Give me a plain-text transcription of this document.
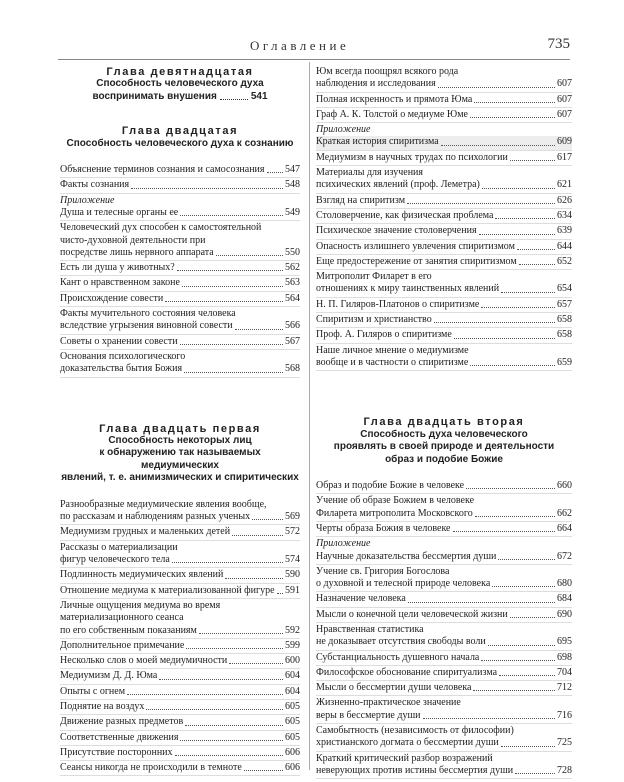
Оглавление	735
Глава девятнадцатая
Способность человеческого духа
воспринимать внушения	541
Глава двадцатая
Способность человеческого духа к сознанию
Объяснение терминов сознания и самосознания 547
Факты сознания	548
Приложение
Душа и телесные органы ее	549
Человеческий дух способен к самостоятельной
чисто-духовной деятельности при
посредстве лишь нервного аппарата	550
Есть ли душа у животных?	562
Кант о нравственном законе	563
Происхождение совести	564
Факты мучительного состояния человека
вследствие угрызения виновной совести	566
Советы о хранении совести	567
Основания психологического
доказательства бытия Божия	568
Глава двадцать первая
Способность некоторых лиц
к обнаружению так называемых медиумических
явлений, т. е. анимизмических и спиритических
Разнообразные медиумические явления вообще,
по рассказам и наблюдениям разных ученых	569
Медиумизм грудных и маленьких детей	572
Рассказы о материализации
фигур человеческого тела	574
Подлинность медиумических явлений	590
Отношение медиума к материализованной фигуре 591
Личные ощущения медиума во время
материализационного сеанса
по его собственным показаниям	592
Дополнительное примечание	599
Несколько слов о моей медиумичности	600
Медиумизм Д. Д. Юма	604
Опыты с огнем	604
Поднятие на воздух	605
Движение разных предметов	605
Соответственные движения	605
Присутствие посторонних	606
Сеансы никогда не происходили в темноте	606
Юм всегда поощрял всякого рода
наблюдения и исследования	607
Полная искренность и прямота Юма	607
Граф А. К. Толстой о медиуме Юме	607
Приложение
Краткая история спиритизма	609
Медиумизм в научных трудах по психологии	617
Материалы для изучения
психических явлений (проф. Леметра)	621
Взгляд на спиритизм	626
Столоверчение, как физическая проблема	634
Психическое значение столоверчения	639
Опасность излишнего увлечения спиритизмом	644
Еще предостережение от занятия спиритизмом	652
Митрополит Филарет в его
отношениях к миру таинственных явлений	654
Н. П. Гиляров-Платонов о спиритизме	657
Спиритизм и христианство	658
Проф. А. Гиляров о спиритизме	658
Наше личное мнение о медиумизме
вообще и в частности о спиритизме	659
Глава двадцать вторая
Способность духа человеческого
проявлять в своей природе и деятельности
образ и подобие Божие
Образ и подобие Божие в человеке	660
Учение об образе Божием в человеке
Филарета митрополита Московского	662
Черты образа Божия в человеке	664
Приложение
Научные доказательства бессмертия души	672
Учение св. Григория Богослова
о духовной и телесной природе человека	680
Назначение человека	684
Мысли о конечной цели человеческой жизни	690
Нравственная статистика
не доказывает отсутствия свободы воли	695
Субстанциальность душевного начала	698
Философское обоснование спиритуализма	704
Мысли о бессмертии души человека	712
Жизненно-практическое значение
веры в бессмертие души	716
Самобытность (независимость от философии)
христианского догмата о бессмертии души	725
Краткий критический разбор возражений
неверующих против истины бессмертия души	728
